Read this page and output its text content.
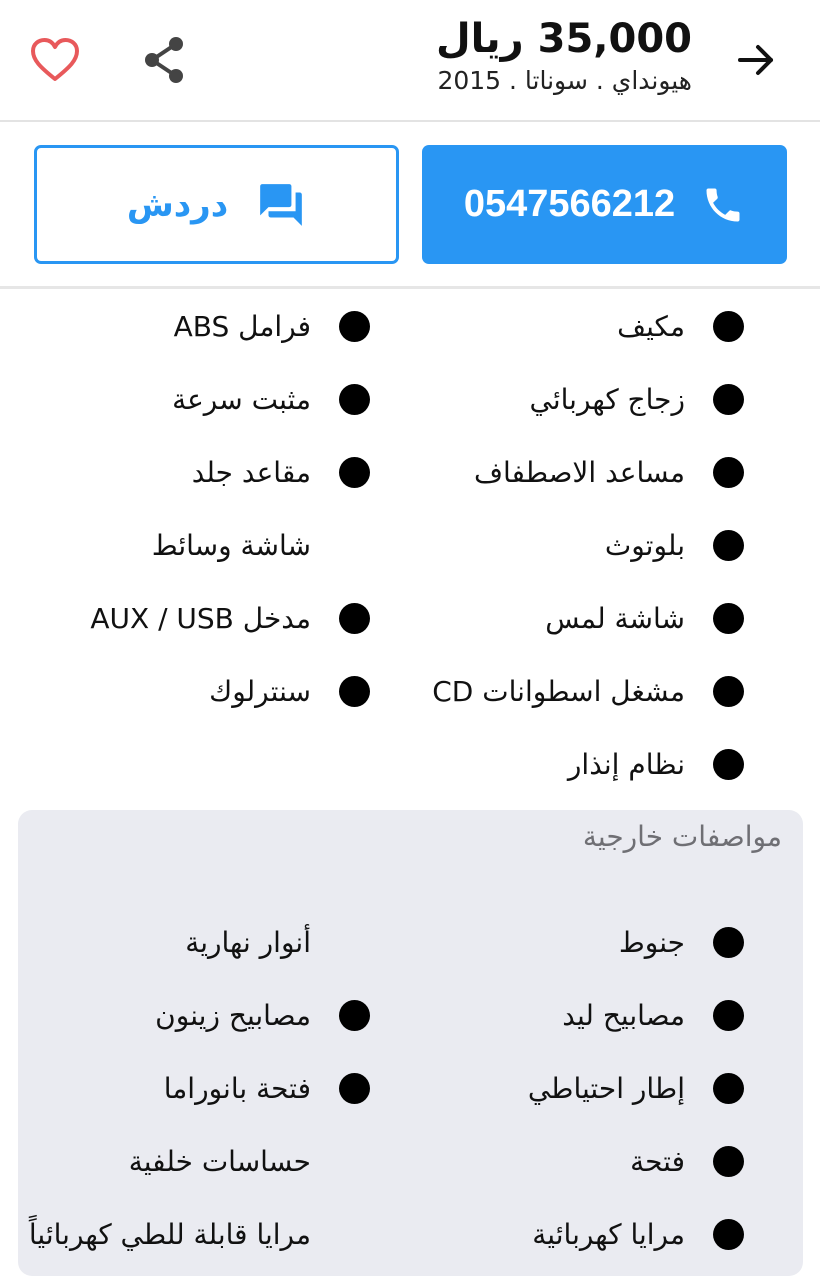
35,000 ريال
هيونداي . سوناتا . 2015
0547566212
دردش
مكيف
زجاج كهربائي
مساعد الاصطفاف
بلوتوث
شاشة لمس
مشغل اسطوانات CD
نظام إنذار
فرامل ABS
مثبت سرعة
مقاعد جلد
شاشة وسائط
مدخل AUX / USB
سنترلوك
مواصفات خارجية
جنوط
مصابيح ليد
إطار احتياطي
فتحة
مرايا كهربائية
أنوار نهارية
مصابيح زينون
فتحة بانوراما
حساسات خلفية
مرايا قابلة للطي كهربائياً
